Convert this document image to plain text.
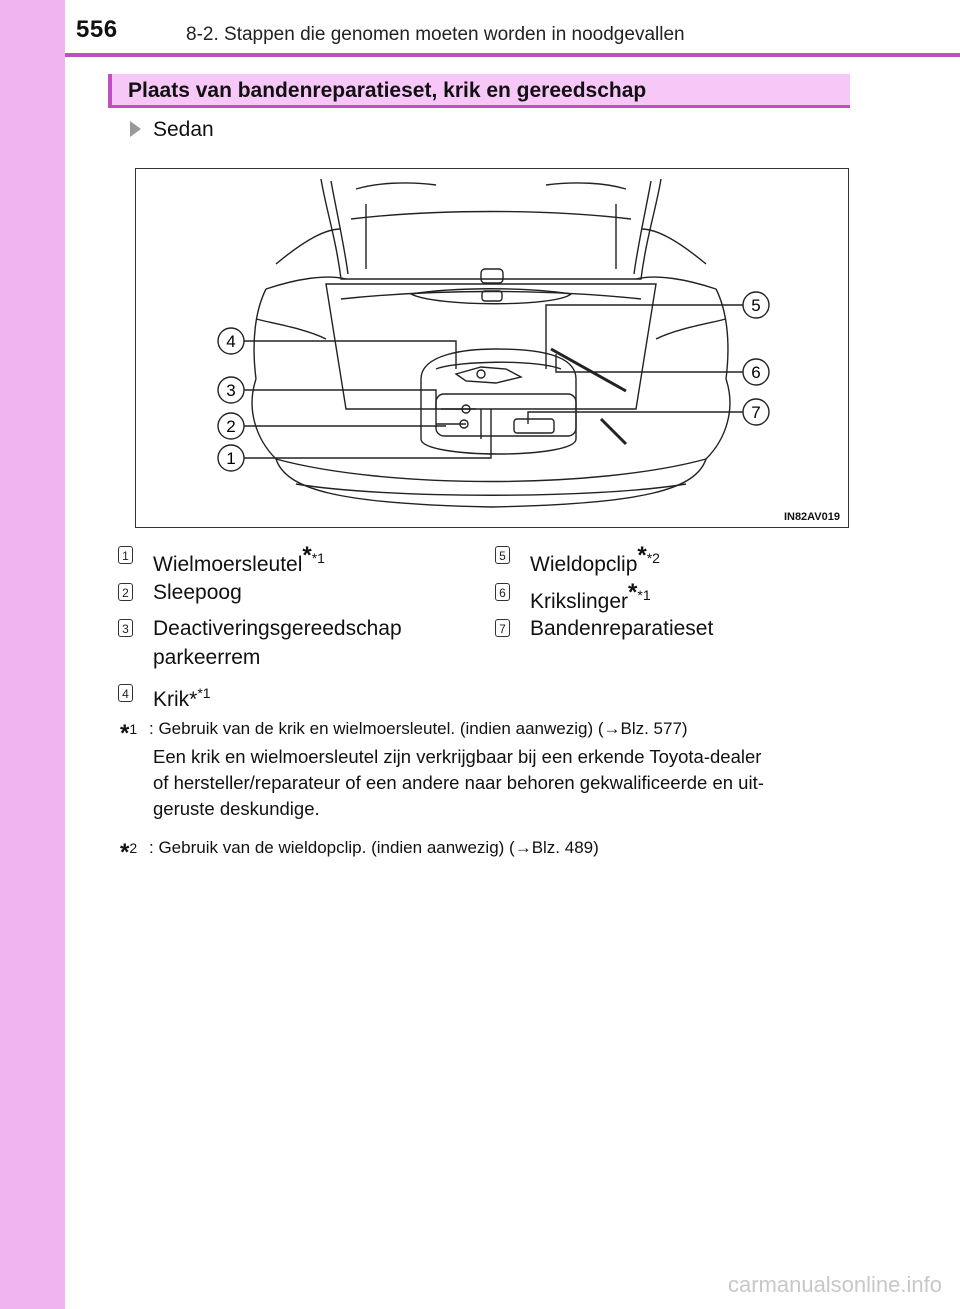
556	8-2. Stappen die genomen moeten worden in noodgevallen
Plaats van bandenreparatieset, krik en gereedschap
Sedan
4
3
2
1
5
6
7
IN82AV019
1 Wielmoersleutel$^{**1}$
2 Sleepoog
3 Deactiveringsgereedschap
parkeerrem
4 Krik*$^{*1}$
5 Wieldopclip$^{**2}$
6 Krikslinger$^{**1}$
7 Bandenreparatieset
*$^1$ : Gebruik van de krik en wielmoersleutel. (indien aanwezig) (→Blz. 577)
Een krik en wielmoersleutel zijn verkrijgbaar bij een erkende Toyota-dealer
of hersteller/reparateur of een andere naar behoren gekwalificeerde en uit-
geruste deskundige.
*$^2$ : Gebruik van de wieldopclip. (indien aanwezig) (→Blz. 489)
carmanualsonline.info
